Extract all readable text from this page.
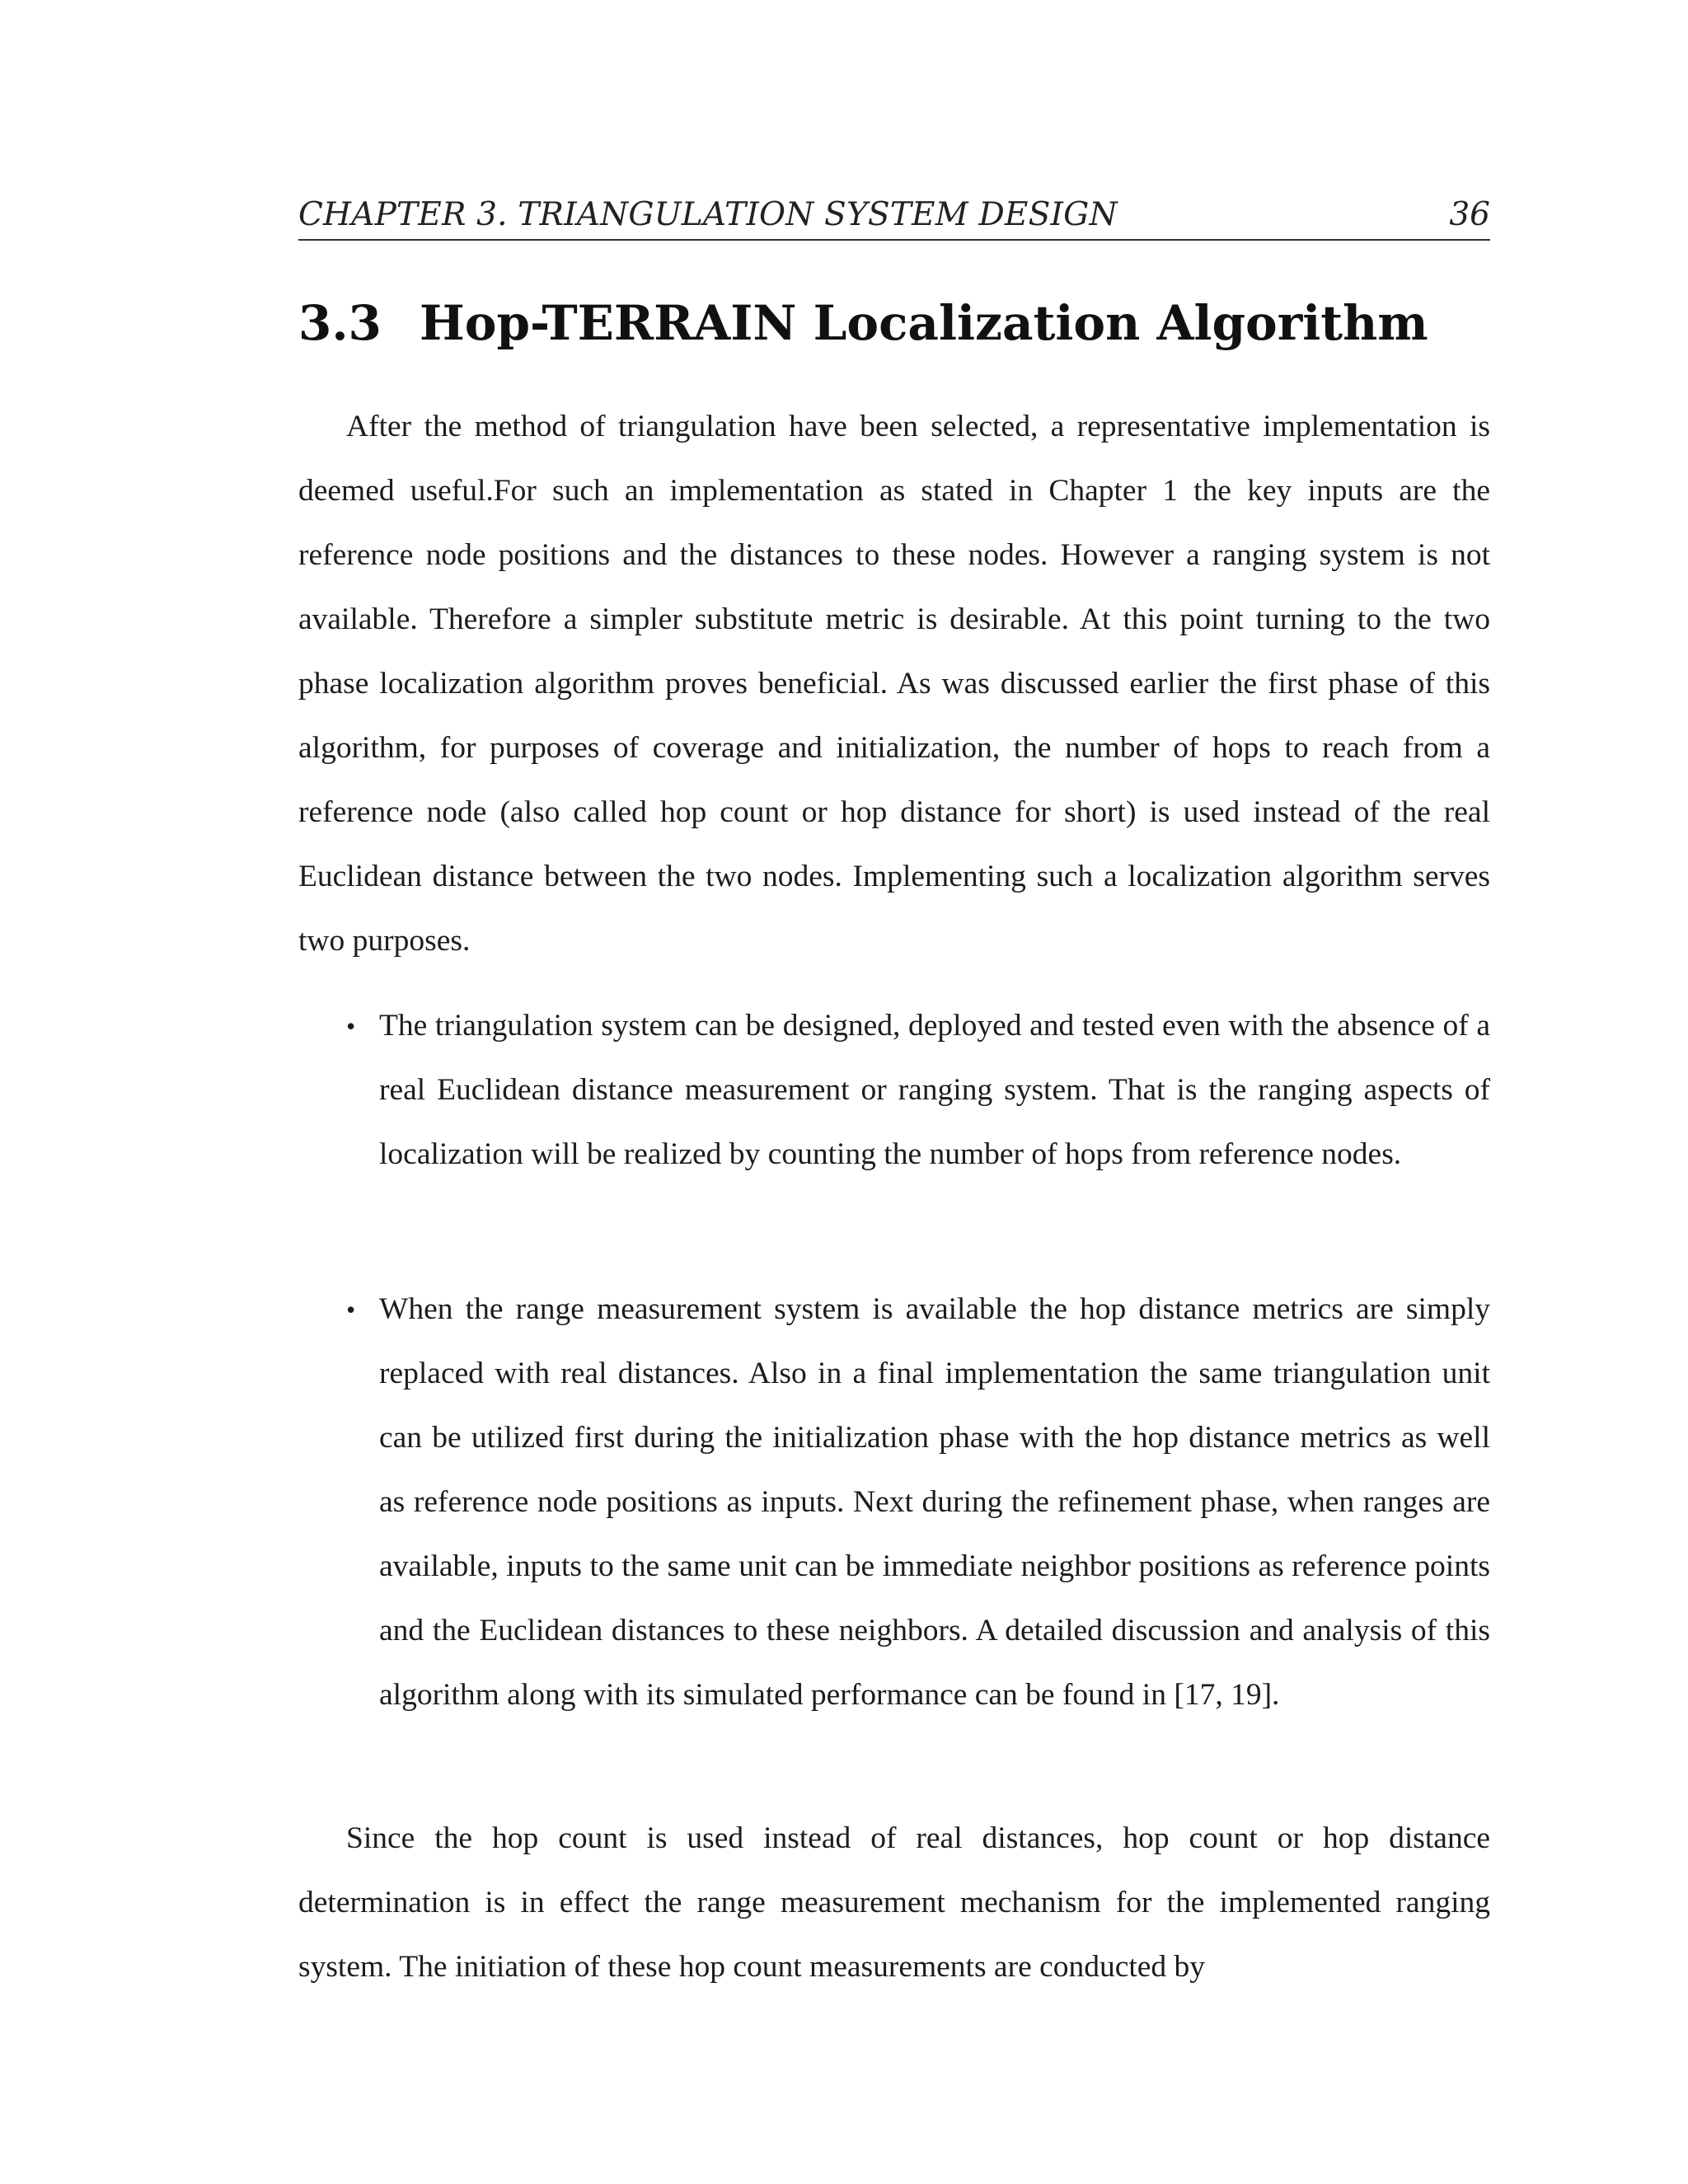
CHAPTER 3. TRIANGULATION SYSTEM DESIGN	36
3.3 Hop-TERRAIN Localization Algorithm

After the method of triangulation have been selected, a representative implementation is deemed useful.For such an implementation as stated in Chapter 1 the key inputs are the reference node positions and the distances to these nodes. However a ranging system is not available. Therefore a simpler substitute metric is desirable. At this point turning to the two phase localization algorithm proves beneficial. As was discussed earlier the first phase of this algorithm, for purposes of coverage and initialization, the number of hops to reach from a reference node (also called hop count or hop distance for short) is used instead of the real Euclidean distance between the two nodes. Implementing such a localization algorithm serves two purposes.

• The triangulation system can be designed, deployed and tested even with the absence of a real Euclidean distance measurement or ranging system. That is the ranging aspects of localization will be realized by counting the number of hops from reference nodes.
• When the range measurement system is available the hop distance metrics are simply replaced with real distances. Also in a final implementation the same triangulation unit can be utilized first during the initialization phase with the hop distance metrics as well as reference node positions as inputs. Next during the refinement phase, when ranges are available, inputs to the same unit can be immediate neighbor positions as reference points and the Euclidean distances to these neighbors. A detailed discussion and analysis of this algorithm along with its simulated performance can be found in [17, 19].

Since the hop count is used instead of real distances, hop count or hop distance determination is in effect the range measurement mechanism for the implemented ranging system. The initiation of these hop count measurements are conducted by
